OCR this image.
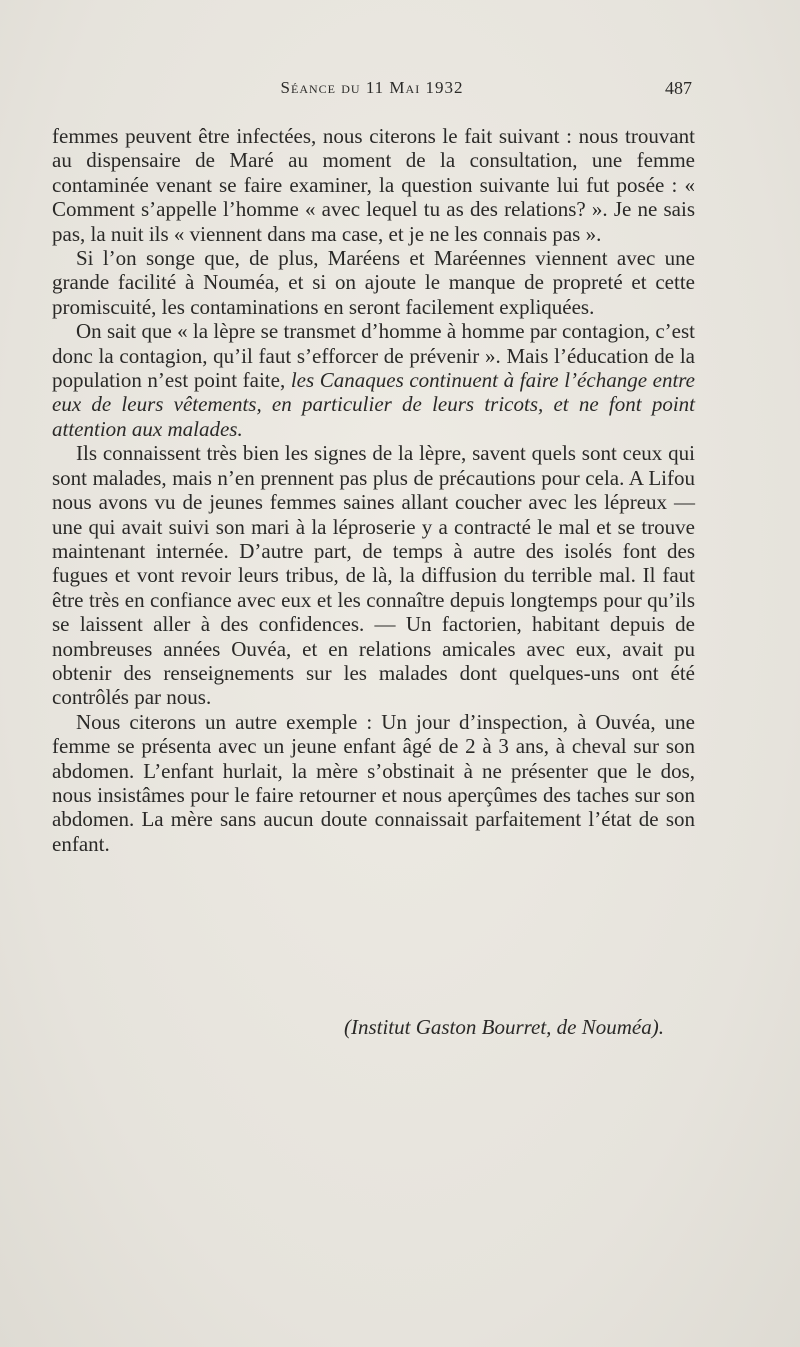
Séance du 11 Mai 1932	487

femmes peuvent être infectées, nous citerons le fait suivant : nous trouvant au dispensaire de Maré au moment de la consultation, une femme contaminée venant se faire examiner, la question suivante lui fut posée : « Comment s’appelle l’homme « avec lequel tu as des relations? ». Je ne sais pas, la nuit ils « viennent dans ma case, et je ne les connais pas ».

Si l’on songe que, de plus, Maréens et Maréennes viennent avec une grande facilité à Nouméa, et si on ajoute le manque de propreté et cette promiscuité, les contaminations en seront facilement expliquées.

On sait que « la lèpre se transmet d’homme à homme par contagion, c’est donc la contagion, qu’il faut s’efforcer de prévenir ». Mais l’éducation de la population n’est point faite, les Canaques continuent à faire l’échange entre eux de leurs vêtements, en particulier de leurs tricots, et ne font point attention aux malades.

Ils connaissent très bien les signes de la lèpre, savent quels sont ceux qui sont malades, mais n’en prennent pas plus de précautions pour cela. A Lifou nous avons vu de jeunes femmes saines allant coucher avec les lépreux — une qui avait suivi son mari à la léproserie y a contracté le mal et se trouve maintenant internée. D’autre part, de temps à autre des isolés font des fugues et vont revoir leurs tribus, de là, la diffusion du terrible mal. Il faut être très en confiance avec eux et les connaître depuis longtemps pour qu’ils se laissent aller à des confidences. — Un factorien, habitant depuis de nombreuses années Ouvéa, et en relations amicales avec eux, avait pu obtenir des renseignements sur les malades dont quelques-uns ont été contrôlés par nous.

Nous citerons un autre exemple : Un jour d’inspection, à Ouvéa, une femme se présenta avec un jeune enfant âgé de 2 à 3 ans, à cheval sur son abdomen. L’enfant hurlait, la mère s’obstinait à ne présenter que le dos, nous insistâmes pour le faire retourner et nous aperçûmes des taches sur son abdomen. La mère sans aucun doute connaissait parfaitement l’état de son enfant.

(Institut Gaston Bourret, de Nouméa).
